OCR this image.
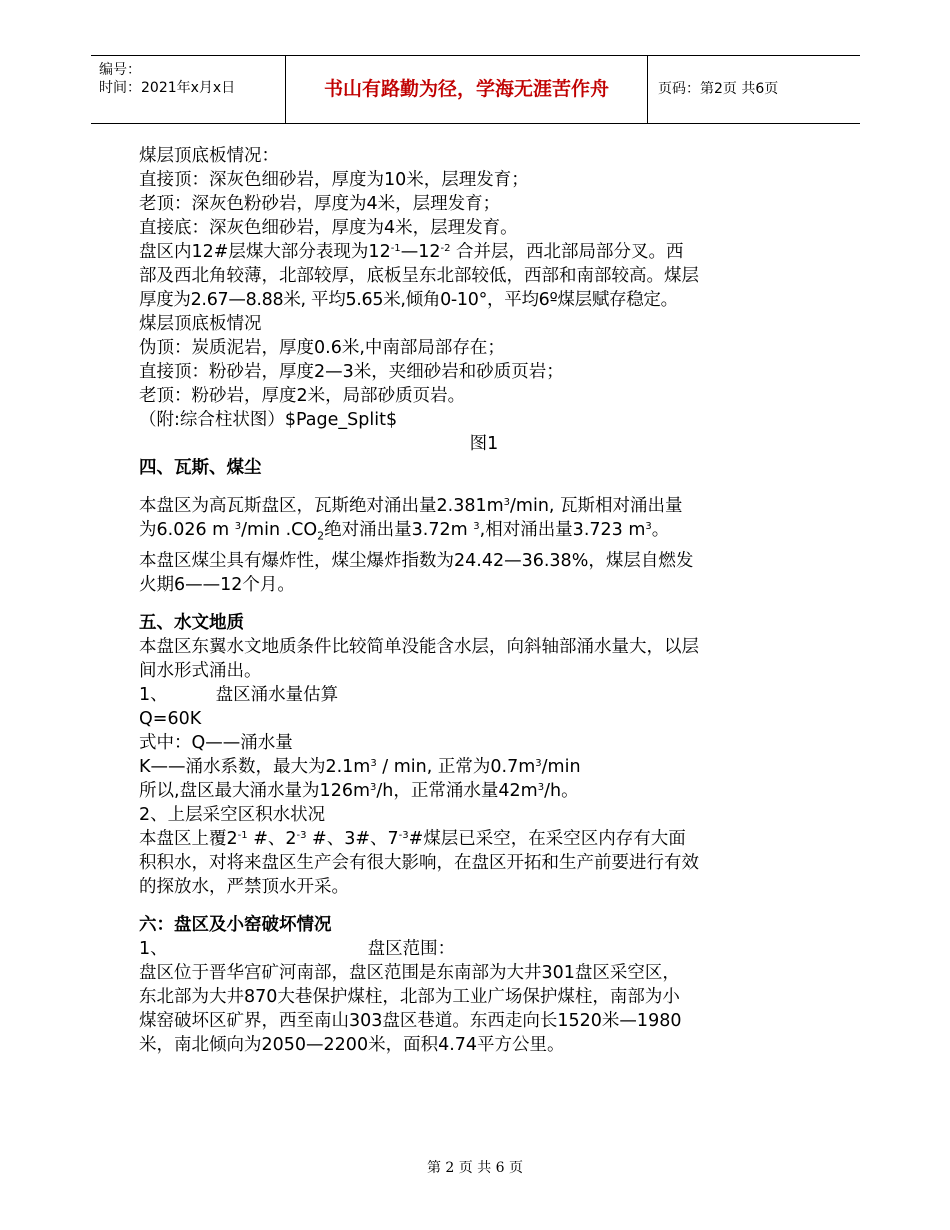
编号：
时间：2021年x月x日	书山有路勤为径，学海无涯苦作舟	页码：第2页 共6页

煤层顶底板情况：

直接顶：深灰色细砂岩，厚度为10米，层理发育；

老顶：深灰色粉砂岩，厚度为4米，层理发育；

直接底：深灰色细砂岩，厚度为4米，层理发育。

盘区内12#层煤大部分表现为$12^{-1}—12^{-2}$ 合并层，西北部局部分叉。西

部及西北角较薄，北部较厚，底板呈东北部较低，西部和南部较高。煤层

厚度为2.67—8.88米, 平均5.65米,倾角0-10°，平均6º煤层赋存稳定。

煤层顶底板情况

伪顶：炭质泥岩，厚度0.6米,中南部局部存在；

直接顶：粉砂岩，厚度2—3米，夹细砂岩和砂质页岩；

老顶：粉砂岩，厚度2米，局部砂质页岩。

（附:综合柱状图）$Page_Split$

图1

四、瓦斯、煤尘

本盘区为高瓦斯盘区，瓦斯绝对涌出量$2.381m^3/\min$, 瓦斯相对涌出量

为6.026 m $^3$/min $.CO_2$绝对涌出量3.72m $^3$,相对涌出量3.723 $m^3$。

本盘区煤尘具有爆炸性，煤尘爆炸指数为24.42—36.38%，煤层自燃发

火期6——12个月。

五、水文地质

本盘区东翼水文地质条件比较简单没能含水层，向斜轴部涌水量大，以层

间水形式涌出。

1、	盘区涌水量估算

Q=60K

式中：Q——涌水量

K——涌水系数，最大为$2.1m^3$ / min, 正常为$0.7m^3/\min$

所以,盘区最大涌水量为$126m^3/h$，正常涌水量$42m^3/h$。

2、上层采空区积水状况

本盘区上覆$2^{-1}$ #、$2^{-3}$ #、3#、$7^{-3}\#$煤层已采空，在采空区内存有大面

积积水，对将来盘区生产会有很大影响，在盘区开拓和生产前要进行有效

的探放水，严禁顶水开采。

六：盘区及小窑破坏情况

1、	盘区范围：

盘区位于晋华宫矿河南部，盘区范围是东南部为大井301盘区采空区，

东北部为大井870大巷保护煤柱，北部为工业广场保护煤柱，南部为小

煤窑破坏区矿界，西至南山303盘区巷道。东西走向长1520米—1980

米，南北倾向为2050—2200米，面积4.74平方公里。

第 2 页 共 6 页
